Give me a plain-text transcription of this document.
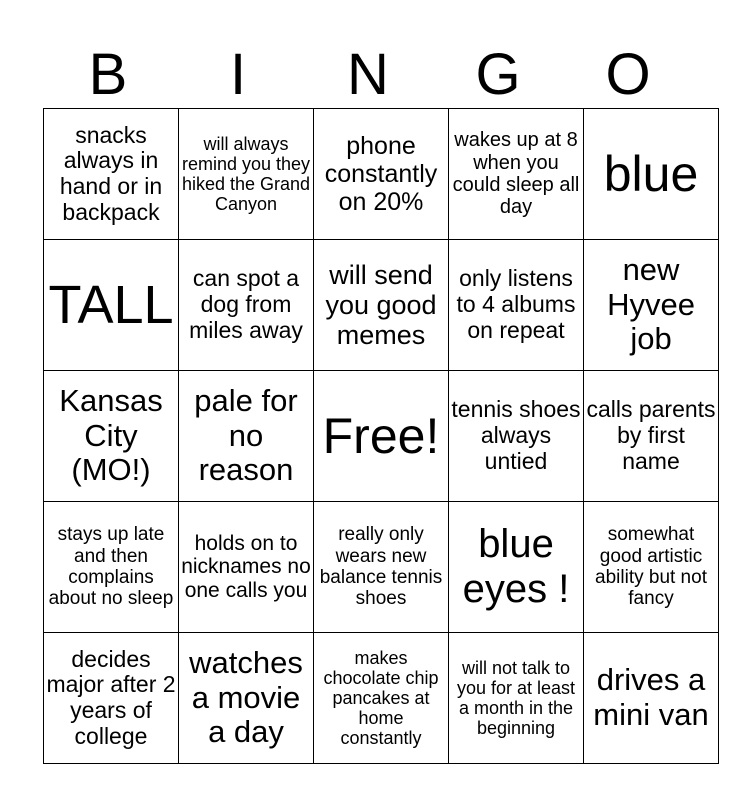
B	I	N	G	O
snacks always in hand or in backpack	will always remind you they hiked the Grand Canyon	phone constantly on 20%	wakes up at 8 when you could sleep all day	blue
TALL	can spot a dog from miles away	will send you good memes	only listens to 4 albums on repeat	new Hyvee job
Kansas City (MO!)	pale for no reason	Free!	tennis shoes always untied	calls parents by first name
stays up late and then complains about no sleep	holds on to nicknames no one calls you	really only wears new balance tennis shoes	blue eyes !	somewhat good artistic ability but not fancy
decides major after 2 years of college	watches a movie a day	makes chocolate chip pancakes at home constantly	will not talk to you for at least a month in the beginning	drives a mini van
